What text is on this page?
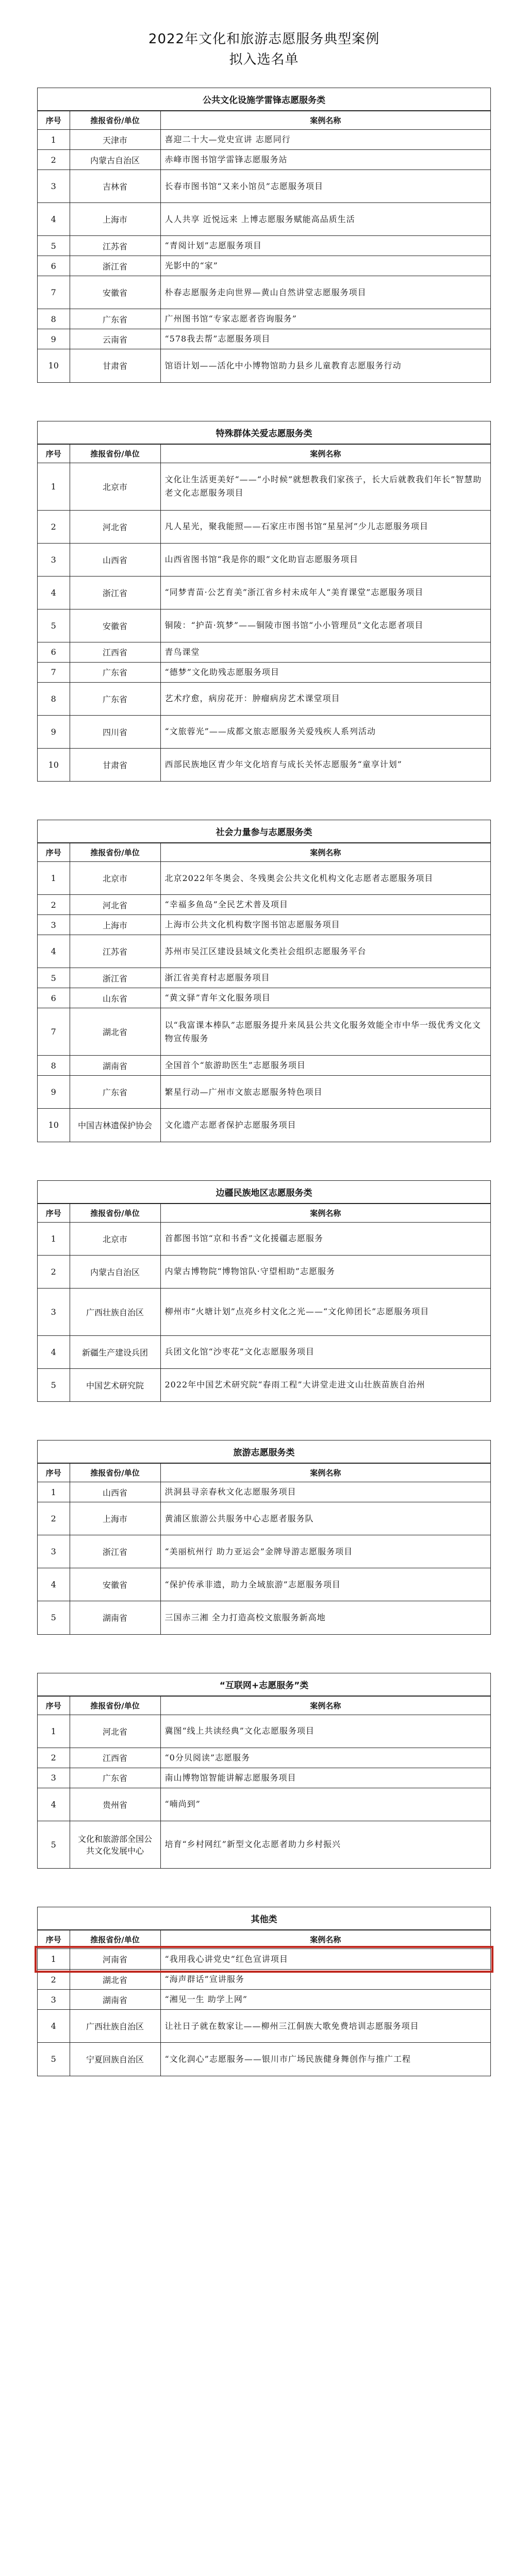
2022年文化和旅游志愿服务典型案例
拟入选名单
公共文化设施学雷锋志愿服务类
序号	推报省份/单位	案例名称
1	天津市	喜迎二十大—党史宣讲 志愿同行
2	内蒙古自治区	赤峰市图书馆学雷锋志愿服务站
3	吉林省	长春市图书馆“又来小馆员”志愿服务项目
4	上海市	人人共享 近悦远来 上博志愿服务赋能高品质生活
5	江苏省	“青阅计划”志愿服务项目
6	浙江省	光影中的“家”
7	安徽省	朴春志愿服务走向世界—黄山自然讲堂志愿服务项目
8	广东省	广州图书馆“专家志愿者咨询服务”
9	云南省	“578我去帮”志愿服务项目
10	甘肃省	馆语计划——活化中小博物馆助力县乡儿童教育志愿服务行动
特殊群体关爱志愿服务类
序号	推报省份/单位	案例名称
1	北京市	文化让生活更美好“——“小时候”就想教我们家孩子，长大后就教我们年长”智慧助老文化志愿服务项目
2	河北省	凡人星光，聚我能照——石家庄市图书馆“星星河”少儿志愿服务项目
3	山西省	山西省图书馆“我是你的眼”文化助盲志愿服务项目
4	浙江省	“同梦青苗·公艺育美”浙江省乡村未成年人“美育课堂”志愿服务项目
5	安徽省	铜陵：“护苗·筑梦”——铜陵市图书馆“小小管理员”文化志愿者项目
6	江西省	青鸟课堂
7	广东省	“德梦”文化助残志愿服务项目
8	广东省	艺术疗愈，病房花开：肿瘤病房艺术课堂项目
9	四川省	“文旅蓉光”——成都文旅志愿服务关爱残疾人系列活动
10	甘肃省	西部民族地区青少年文化培育与成长关怀志愿服务“童享计划”
社会力量参与志愿服务类
序号	推报省份/单位	案例名称
1	北京市	北京2022年冬奥会、冬残奥会公共文化机构文化志愿者志愿服务项目
2	河北省	“幸福多鱼岛”全民艺术普及项目
3	上海市	上海市公共文化机构数字图书馆志愿服务项目
4	江苏省	苏州市吴江区建设县域文化类社会组织志愿服务平台
5	浙江省	浙江省美育村志愿服务项目
6	山东省	“黄文驿”青年文化服务项目
7	湖北省	以“我富课本棒队”志愿服务提升来凤县公共文化服务效能全市中华一级优秀文化文物宣传服务
8	湖南省	全国首个“旅游助医生”志愿服务项目
9	广东省	繁星行动—广州市文旅志愿服务特色项目
10	中国吉林遗保护协会	文化遗产志愿者保护志愿服务项目
边疆民族地区志愿服务类
序号	推报省份/单位	案例名称
1	北京市	首都图书馆“京和书香”文化援疆志愿服务
2	内蒙古自治区	内蒙古博物院“博物馆队·守望相助”志愿服务
3	广西壮族自治区	柳州市“火塘计划”点亮乡村文化之光——“文化帅团长”志愿服务项目
4	新疆生产建设兵团	兵团文化馆“沙枣花”文化志愿服务项目
5	中国艺术研究院	2022年中国艺术研究院“春雨工程”大讲堂走进文山壮族苗族自治州
旅游志愿服务类
序号	推报省份/单位	案例名称
1	山西省	洪洞县寻亲春秋文化志愿服务项目
2	上海市	黄浦区旅游公共服务中心志愿者服务队
3	浙江省	“美丽杭州行 助力亚运会”金牌导游志愿服务项目
4	安徽省	“保护传承非遗，助力全域旅游”志愿服务项目
5	湖南省	三国赤三湘 全力打造高校文旅服务新高地
“互联网+志愿服务”类
序号	推报省份/单位	案例名称
1	河北省	冀图“线上共读经典”文化志愿服务项目
2	江西省	“0分贝阅读”志愿服务
3	广东省	南山博物馆智能讲解志愿服务项目
4	贵州省	“喃尚到”
5	文化和旅游部全国公共文化发展中心	培育“乡村网红”新型文化志愿者助力乡村振兴
其他类
序号	推报省份/单位	案例名称
1	河南省	“我用我心讲党史”红色宣讲项目
2	湖北省	“海声群话”宣讲服务
3	湖南省	“湘见一生 助学上网”
4	广西壮族自治区	让社日子就在数家让——柳州三江侗族大歌免费培训志愿服务项目
5	宁夏回族自治区	“文化润心”志愿服务——银川市广场民族健身舞创作与推广工程
